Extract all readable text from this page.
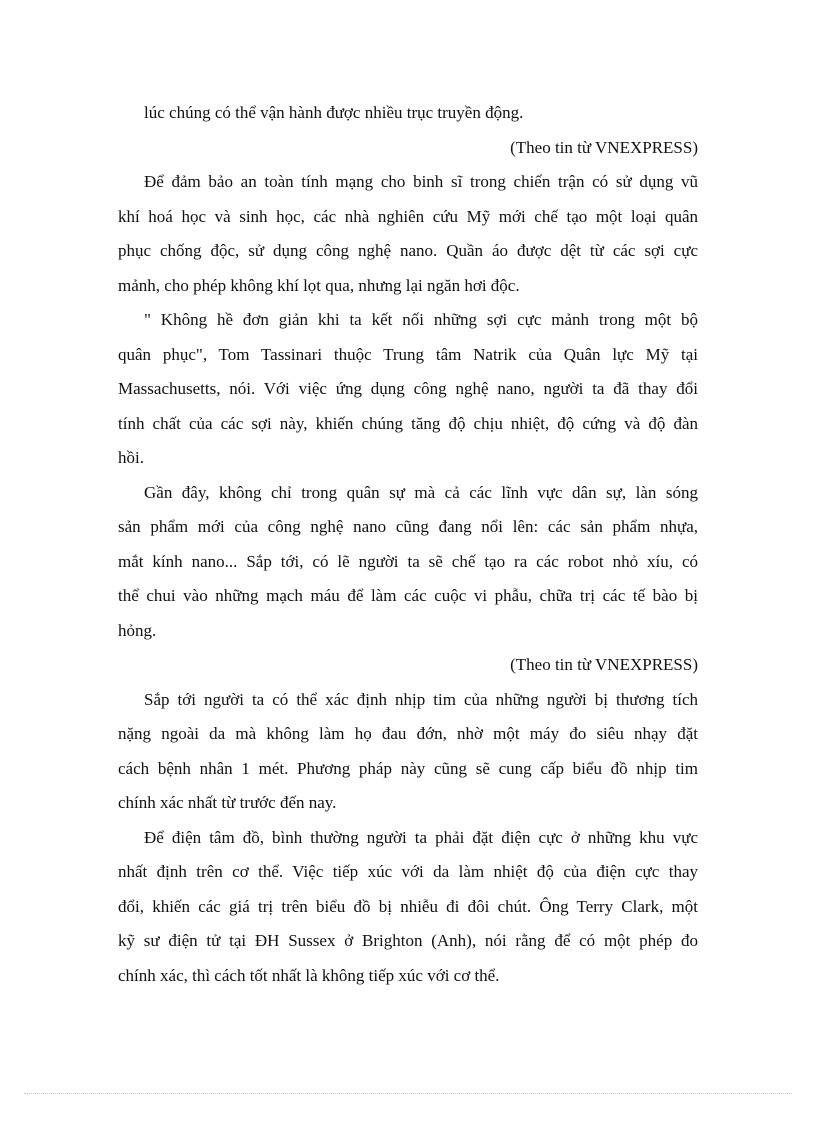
lúc chúng có thể vận hành được nhiều trục truyền động.
(Theo tin từ VNEXPRESS)
Để đảm bảo an toàn tính mạng cho binh sĩ trong chiến trận có sử dụng vũ
khí hoá học và sinh học, các nhà nghiên cứu Mỹ mới chế tạo một loại quân
phục chống độc, sử dụng công nghệ nano. Quần áo được dệt từ các sợi cực
mảnh, cho phép không khí lọt qua, nhưng lại ngăn hơi độc.
" Không hề đơn giản khi ta kết nối những sợi cực mảnh trong một bộ
quân phục", Tom Tassinari thuộc Trung tâm Natrik của Quân lực Mỹ tại
Massachusetts, nói. Với việc ứng dụng công nghệ nano, người ta đã thay đổi
tính chất của các sợi này, khiến chúng tăng độ chịu nhiệt, độ cứng và độ đàn
hồi.
Gần đây, không chỉ trong quân sự mà cả các lĩnh vực dân sự, làn sóng
sản phẩm mới của công nghệ nano cũng đang nổi lên: các sản phẩm nhựa,
mắt kính nano... Sắp tới, có lẽ người ta sẽ chế tạo ra các robot nhỏ xíu, có
thể chui vào những mạch máu để làm các cuộc vi phẫu, chữa trị các tế bào bị
hỏng.
(Theo tin từ VNEXPRESS)
Sắp tới người ta có thể xác định nhịp tim của những người bị thương tích
nặng ngoài da mà không làm họ đau đớn, nhờ một máy đo siêu nhạy đặt
cách bệnh nhân 1 mét. Phương pháp này cũng sẽ cung cấp biểu đồ nhịp tim
chính xác nhất từ trước đến nay.
Để điện tâm đồ, bình thường người ta phải đặt điện cực ở những khu vực
nhất định trên cơ thể. Việc tiếp xúc với da làm nhiệt độ của điện cực thay
đổi, khiến các giá trị trên biểu đồ bị nhiễu đi đôi chút. Ông Terry Clark, một
kỹ sư điện tử tại ĐH Sussex ở Brighton (Anh), nói rằng để có một phép đo
chính xác, thì cách tốt nhất là không tiếp xúc với cơ thể.
